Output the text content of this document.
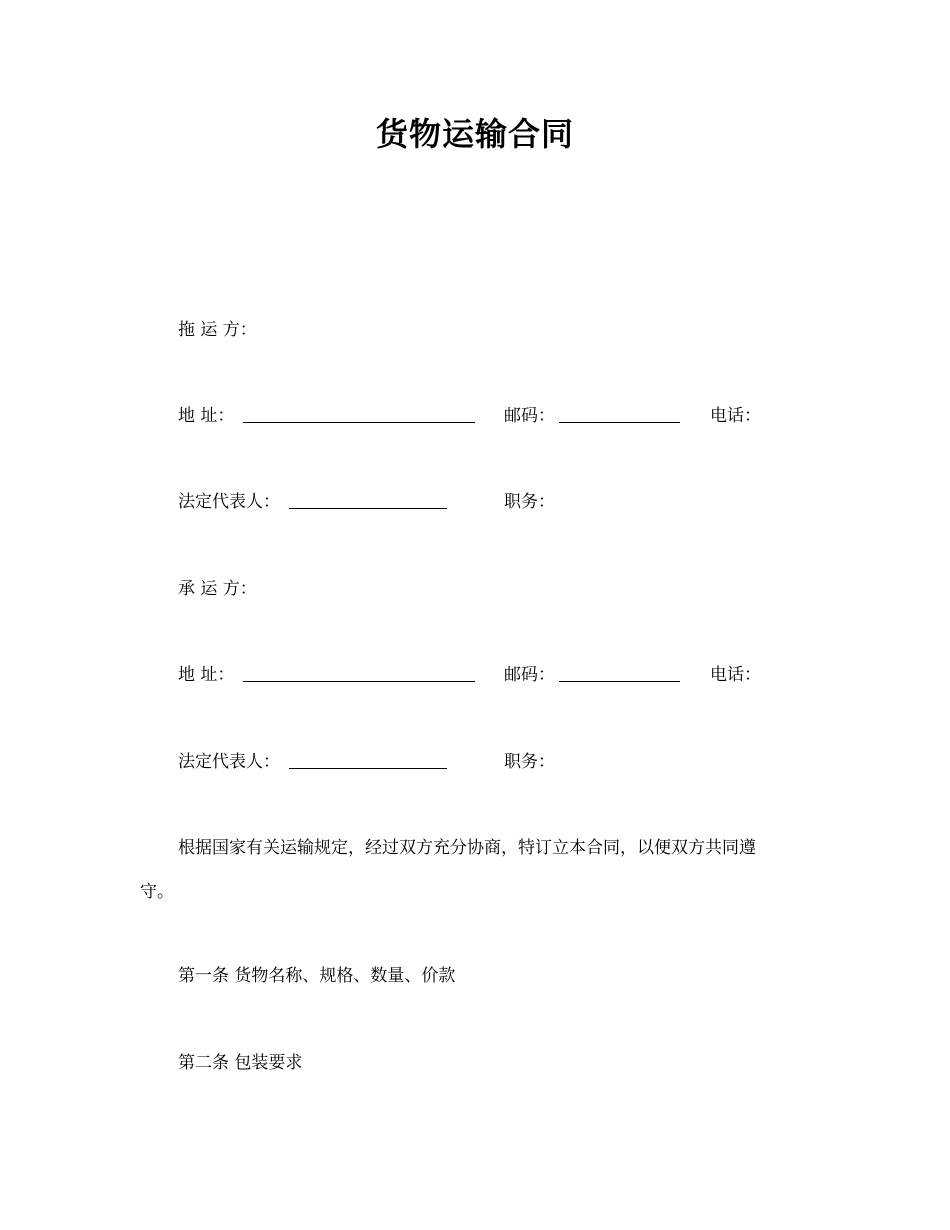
货物运输合同
拖 运 方：
地 址：	邮码：	电话：
法定代表人：	职务：
承 运 方：
地 址：	邮码：	电话：
法定代表人：	职务：
根据国家有关运输规定，经过双方充分协商，特订立本合同，以便双方共同遵
守。
第一条 货物名称、规格、数量、价款
第二条 包装要求
